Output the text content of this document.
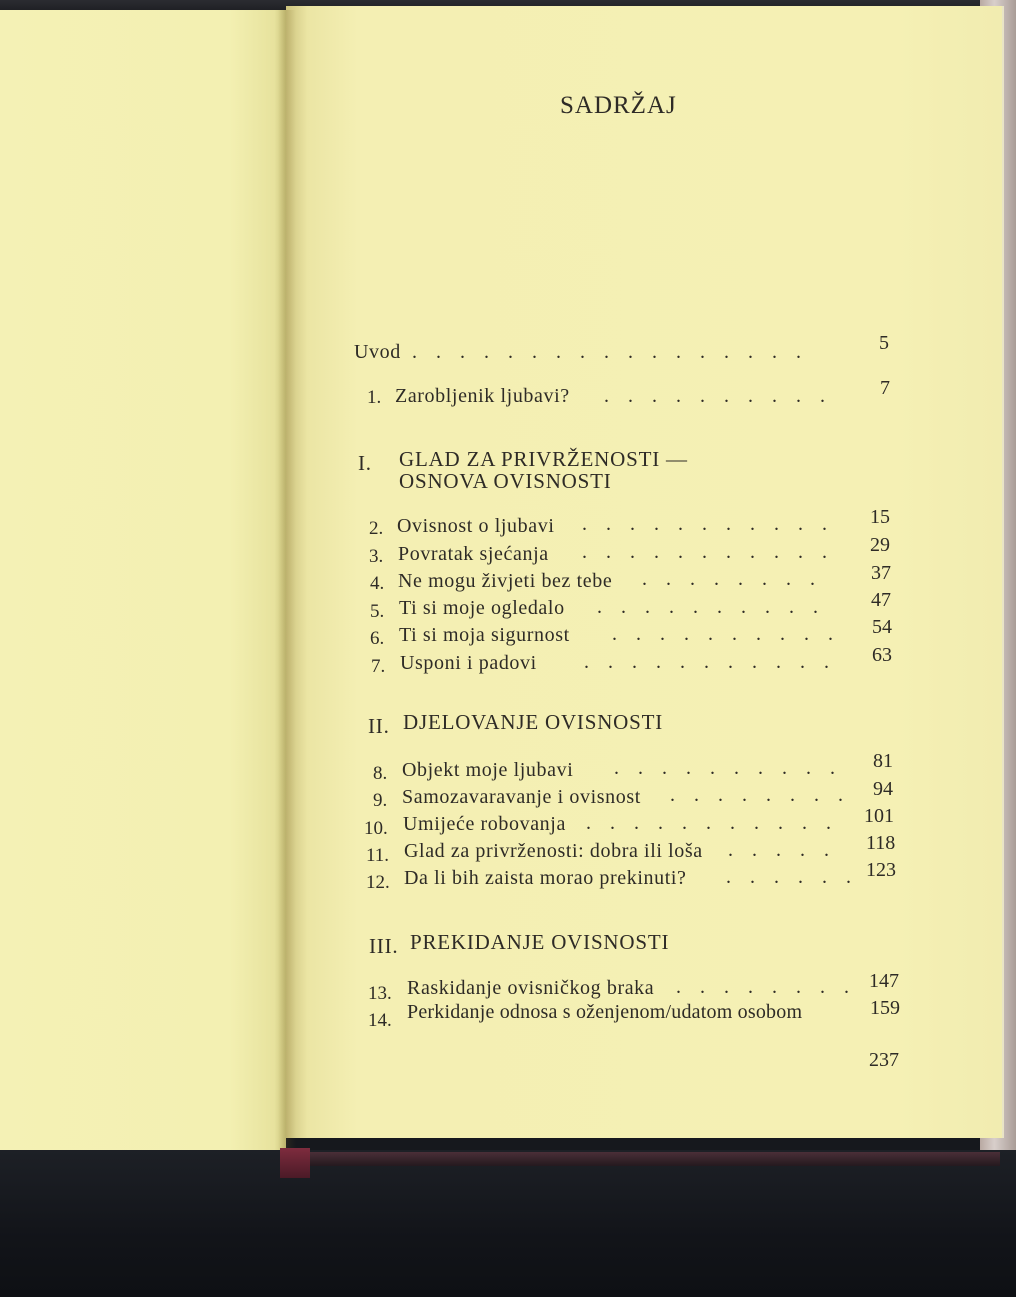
SADRŽAJ
Uvod . . . . . . . . . . . . . . . . .	5
1. Zarobljenik ljubavi? . . . . . . . . . . 7
I. GLAD ZA PRIVRŽENOSTI —
OSNOVA OVISNOSTI
2. Ovisnost o ljubavi . . . . . . . . . . . 15
3. Povratak sjećanja . . . . . . . . . . . 29
4. Ne mogu živjeti bez tebe . . . . . . . . 37
5. Ti si moje ogledalo . . . . . . . . . . 47
6. Ti si moja sigurnost . . . . . . . . . . 54
7. Usponi i padovi . . . . . . . . . . . 63
II. DJELOVANJE OVISNOSTI
8. Objekt moje ljubavi . . . . . . . . . . 81
9. Samozavaravanje i ovisnost . . . . . . . . 94
10. Umijeće robovanja . . . . . . . . . . . 101
11. Glad za privrženosti: dobra ili loša . . . . . 118
12. Da li bih zaista morao prekinuti? . . . . . . 123
III. PREKIDANJE OVISNOSTI
13. Raskidanje ovisničkog braka . . . . . . . . 147
14. Perkidanje odnosa s oženjenom/udatom osobom	159
237
